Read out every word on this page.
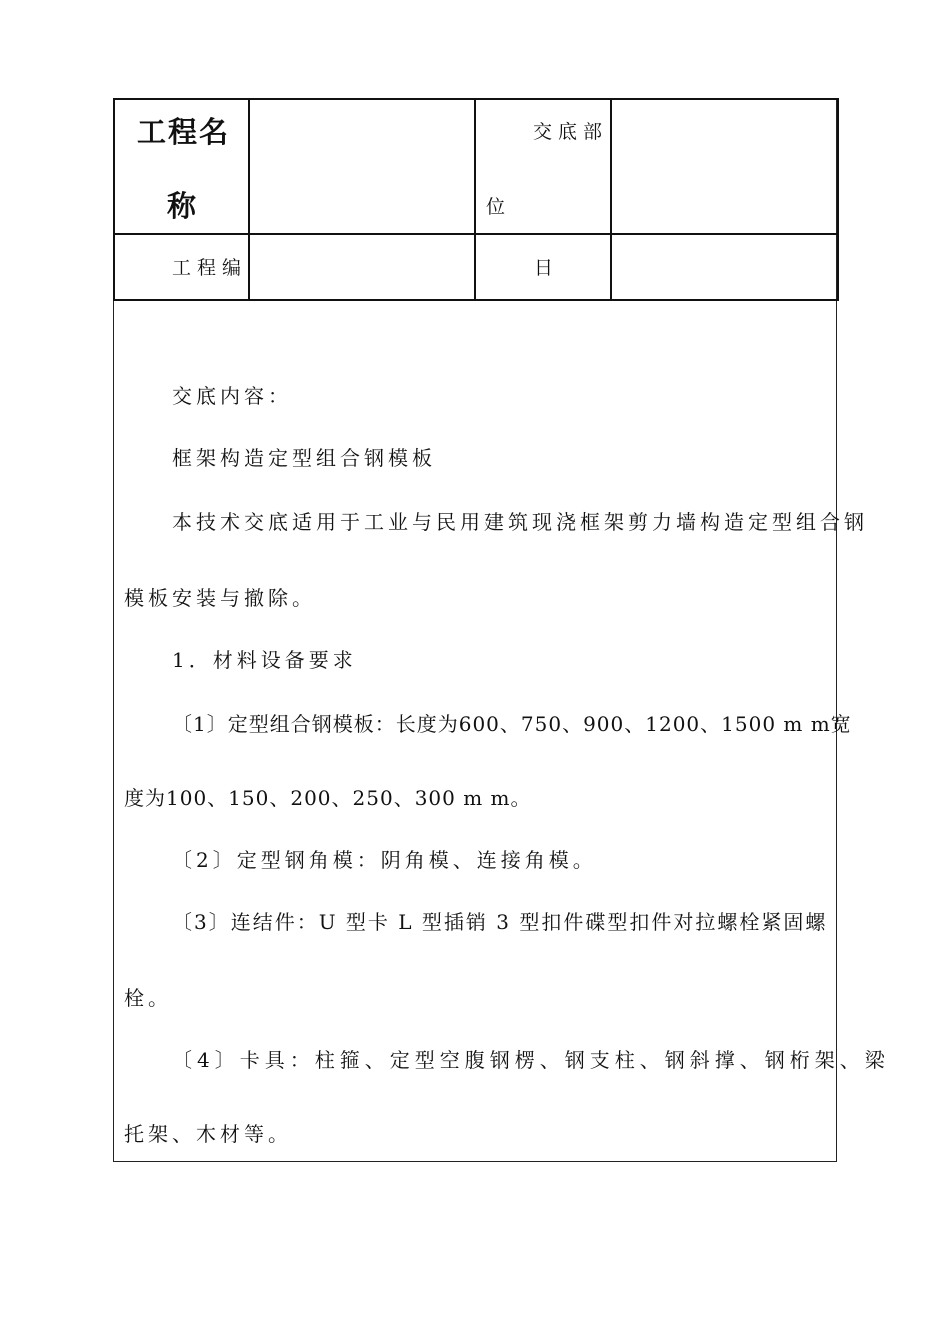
工程名
称		交底部
位	

工程编		日	

交底内容：
框架构造定型组合钢模板
本技术交底适用于工业与民用建筑现浇框架剪力墙构造定型组合钢
模板安装与撤除。
1．材料设备要求
〔1〕定型组合钢模板：长度为600、750、900、1200、1500 m m宽
度为100、150、200、250、300 m m。
〔2〕定型钢角模：阴角模、连接角模。
〔3〕连结件：U 型卡 L 型插销 3 型扣件碟型扣件对拉螺栓紧固螺
栓。
〔4〕卡具：柱箍、定型空腹钢楞、钢支柱、钢斜撑、钢桁架、梁
托架、木材等。
